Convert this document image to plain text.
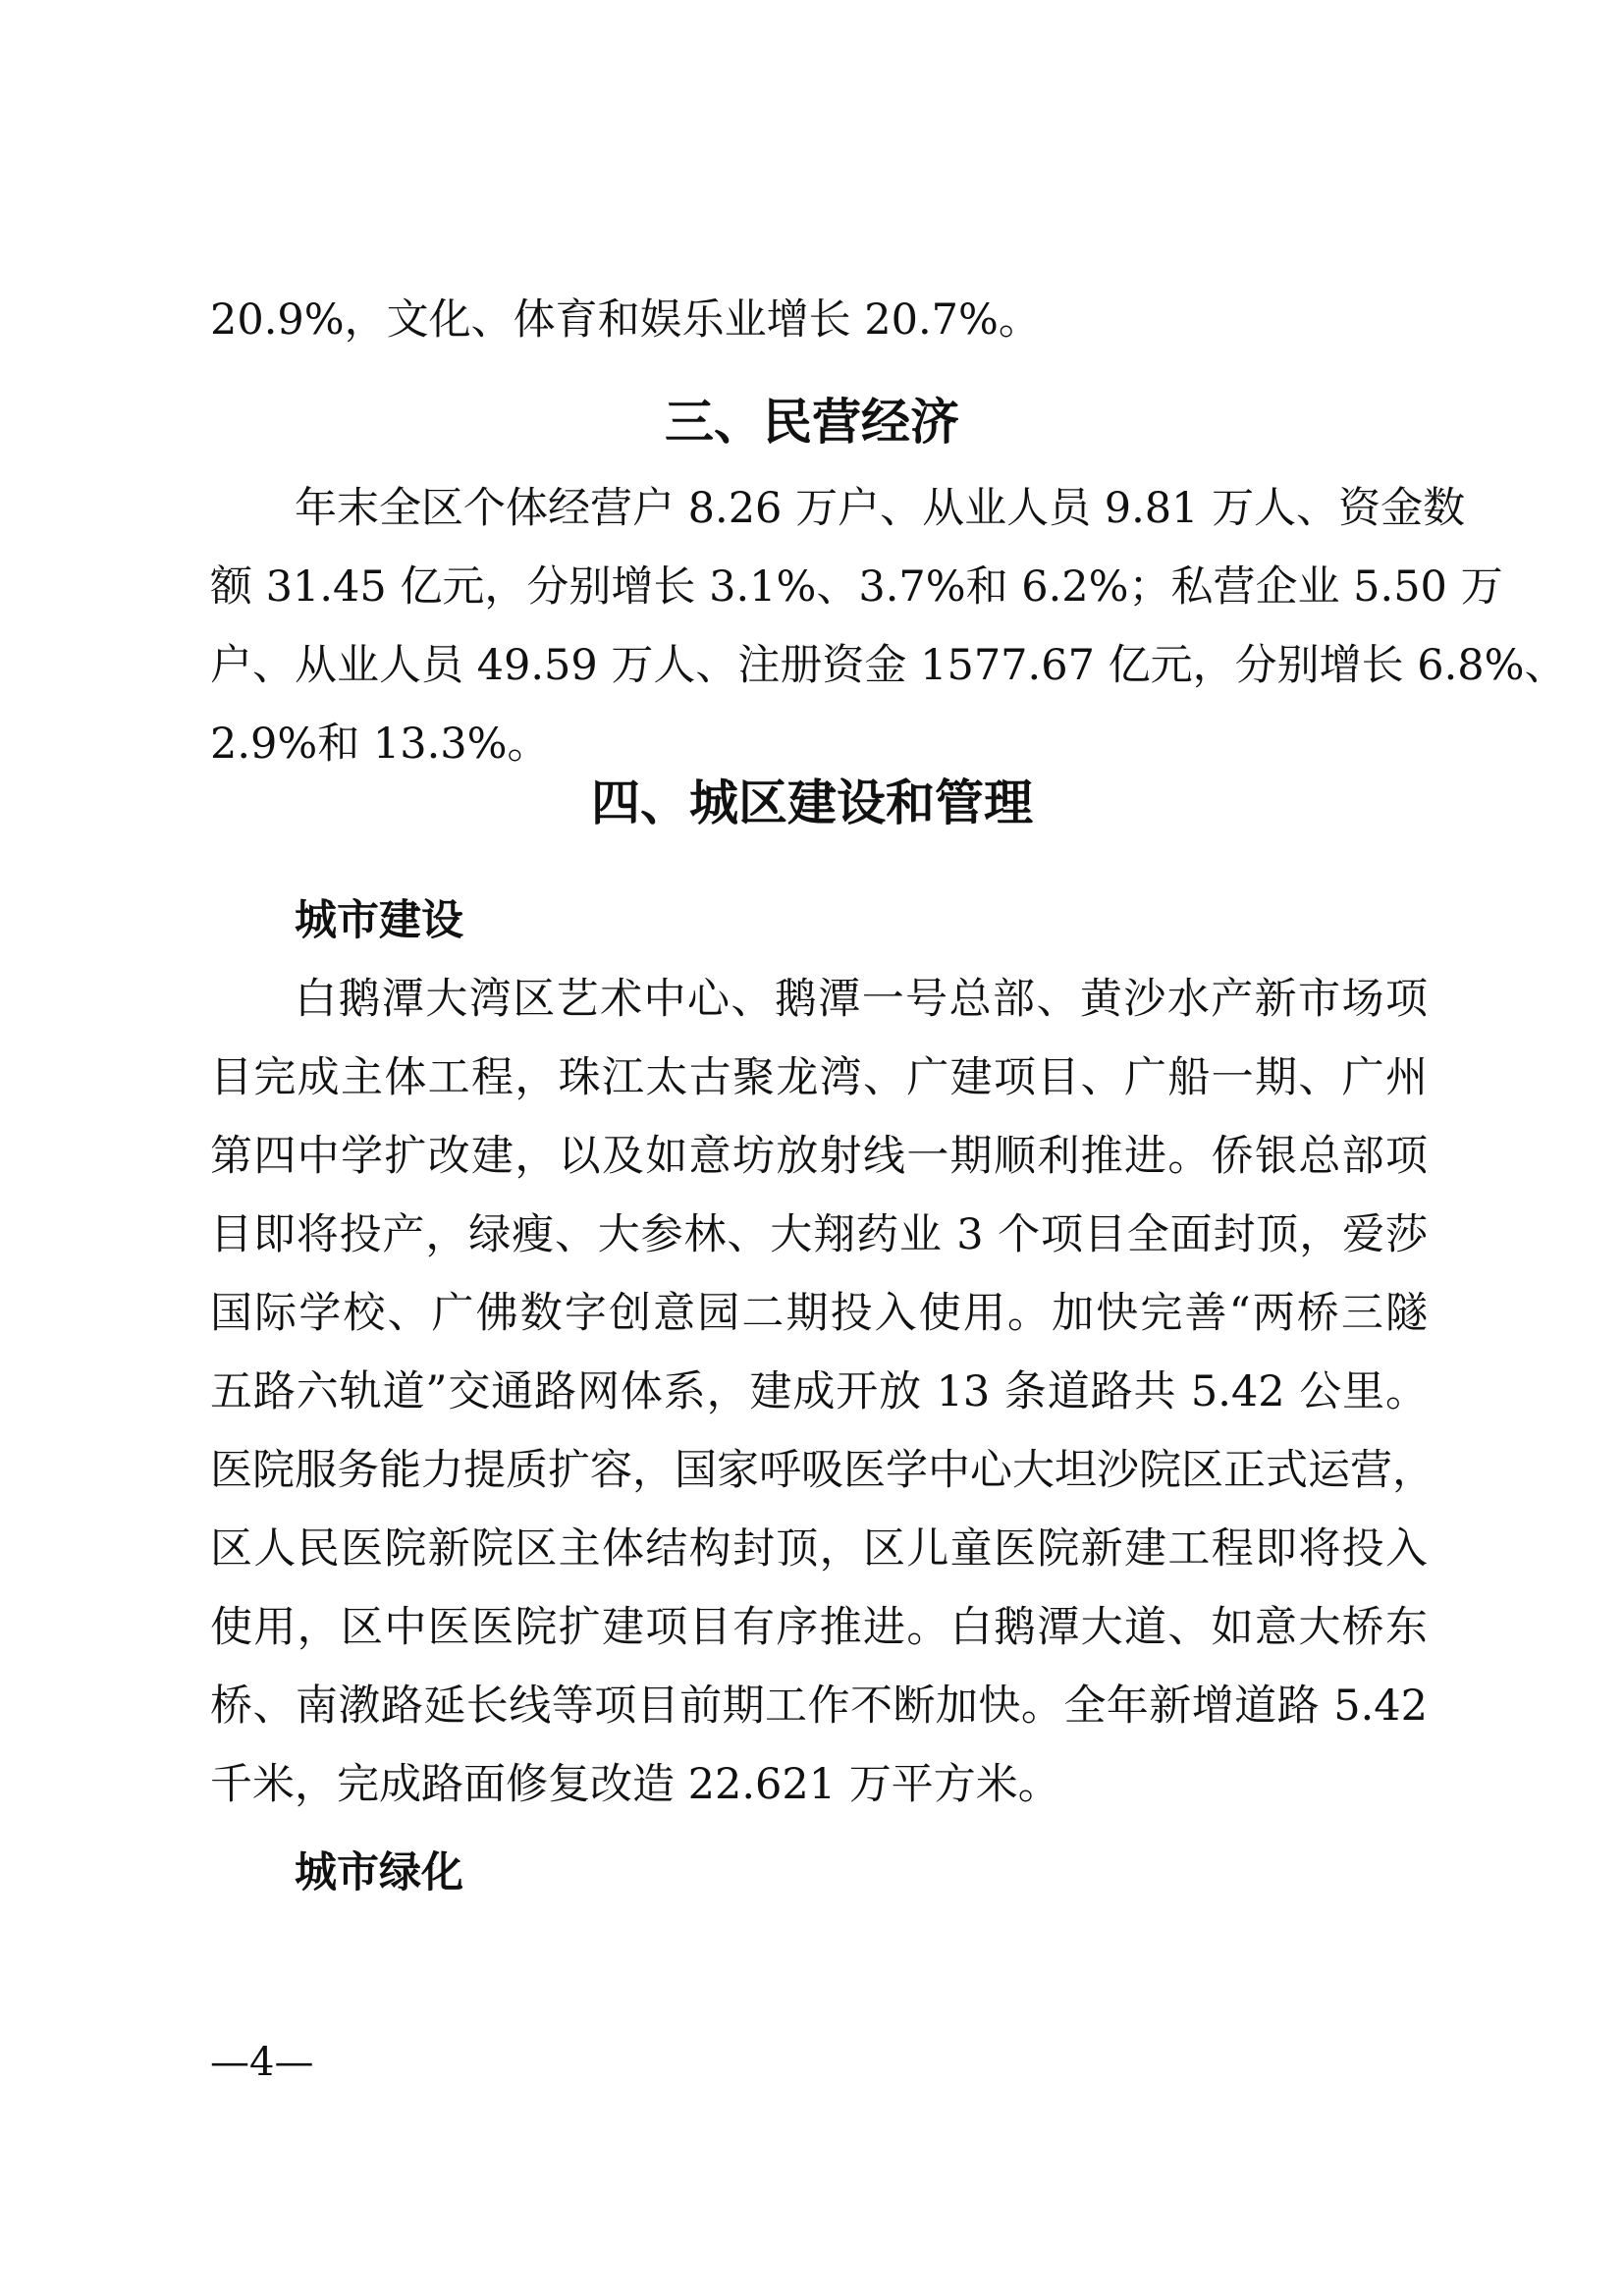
20.9%，文化、体育和娱乐业增长 20.7%。
三、民营经济
年末全区个体经营户 8.26 万户、从业人员 9.81 万人、资金数
额 31.45 亿元，分别增长 3.1%、3.7%和 6.2%；私营企业 5.50 万
户、从业人员 49.59 万人、注册资金 1577.67 亿元，分别增长 6.8%、
2.9%和 13.3%。
四、城区建设和管理
城市建设
白鹅潭大湾区艺术中心、鹅潭一号总部、黄沙水产新市场项
目完成主体工程，珠江太古聚龙湾、广建项目、广船一期、广州
第四中学扩改建，以及如意坊放射线一期顺利推进。侨银总部项
目即将投产，绿瘦、大参林、大翔药业 3 个项目全面封顶，爱莎
国际学校、广佛数字创意园二期投入使用。加快完善“两桥三隧
五路六轨道”交通路网体系，建成开放 13 条道路共 5.42 公里。
医院服务能力提质扩容，国家呼吸医学中心大坦沙院区正式运营，
区人民医院新院区主体结构封顶，区儿童医院新建工程即将投入
使用，区中医医院扩建项目有序推进。白鹅潭大道、如意大桥东
桥、南漖路延长线等项目前期工作不断加快。全年新增道路 5.42
千米，完成路面修复改造 22.621 万平方米。
城市绿化
—4—
